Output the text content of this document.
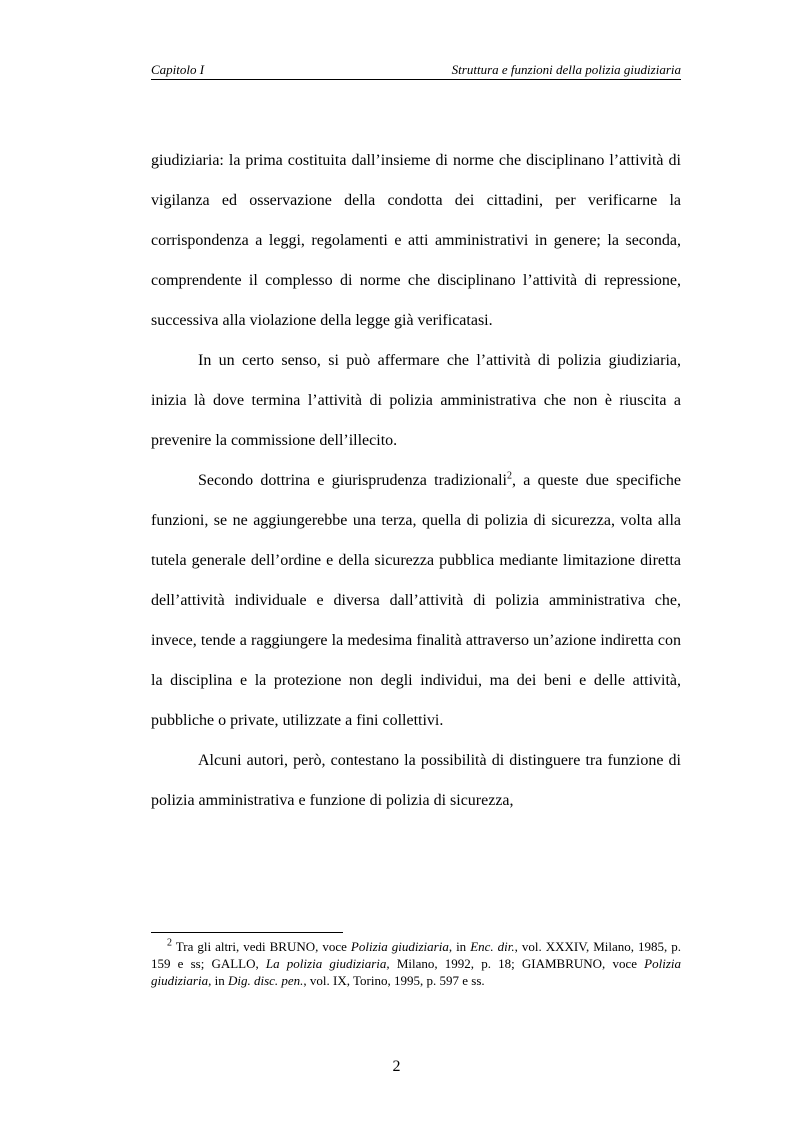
Capitolo I	Struttura e funzioni della polizia giudiziaria

giudiziaria: la prima costituita dall’insieme di norme che disciplinano l’attività di vigilanza ed osservazione della condotta dei cittadini, per verificarne la corrispondenza a leggi, regolamenti e atti amministrativi in genere; la seconda, comprendente il complesso di norme che disciplinano l’attività di repressione, successiva alla violazione della legge già verificatasi.

In un certo senso, si può affermare che l’attività di polizia giudiziaria, inizia là dove termina l’attività di polizia amministrativa che non è riuscita a prevenire la commissione dell’illecito.

Secondo dottrina e giurisprudenza tradizionali$^2$, a queste due specifiche funzioni, se ne aggiungerebbe una terza, quella di polizia di sicurezza, volta alla tutela generale dell’ordine e della sicurezza pubblica mediante limitazione diretta dell’attività individuale e diversa dall’attività di polizia amministrativa che, invece, tende a raggiungere la medesima finalità attraverso un’azione indiretta con la disciplina e la protezione non degli individui, ma dei beni e delle attività, pubbliche o private, utilizzate a fini collettivi.

Alcuni autori, però, contestano la possibilità di distinguere tra funzione di polizia amministrativa e funzione di polizia di sicurezza,

$^2$ Tra gli altri, vedi BRUNO, voce Polizia giudiziaria, in Enc. dir., vol. XXXIV, Milano, 1985, p. 159 e ss; GALLO, La polizia giudiziaria, Milano, 1992, p. 18; GIAMBRUNO, voce Polizia giudiziaria, in Dig. disc. pen., vol. IX, Torino, 1995, p. 597 e ss.

2
